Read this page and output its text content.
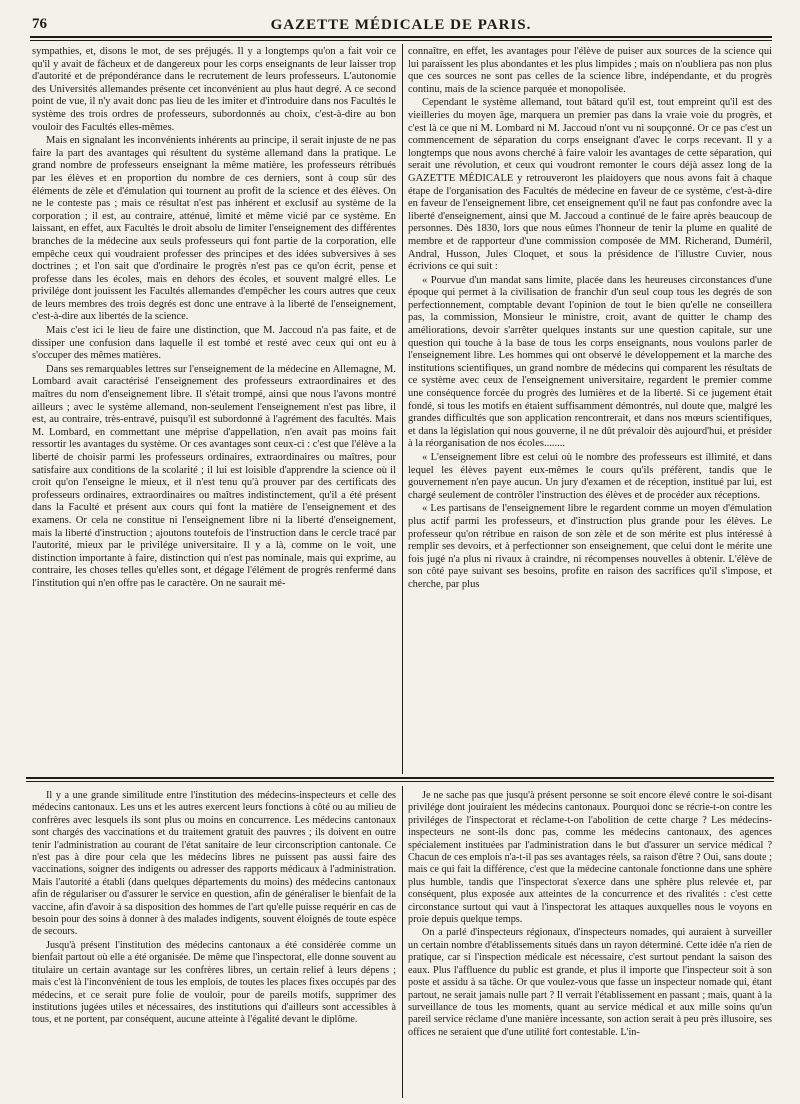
76	GAZETTE MÉDICALE DE PARIS.

sympathies, et, disons le mot, de ses préjugés. Il y a longtemps qu'on a fait voir ce qu'il y avait de fâcheux et de dangereux pour les corps enseignants de leur laisser trop d'autorité et de prépondérance dans le recrutement de leurs professeurs. L'autonomie des Universités allemandes présente cet inconvénient au plus haut degré. A ce second point de vue, il n'y avait donc pas lieu de les imiter et d'introduire dans nos Facultés le système des trois ordres de professeurs, subordonnés au choix, c'est-à-dire au bon vouloir des Facultés elles-mêmes.

Mais en signalant les inconvénients inhérents au principe, il serait injuste de ne pas faire la part des avantages qui résultent du système allemand dans la pratique. Le grand nombre de professeurs enseignant la même matière, les professeurs rétribués par les élèves et en proportion du nombre de ces derniers, sont à coup sûr des éléments de zèle et d'émulation qui tournent au profit de la science et des élèves. On ne le conteste pas ; mais ce résultat n'est pas inhérent et exclusif au système de la corporation ; il est, au contraire, atténué, limité et même vicié par ce système. En laissant, en effet, aux Facultés le droit absolu de limiter l'enseignement des différentes branches de la médecine aux seuls professeurs qui font partie de la corporation, elle empêche ceux qui voudraient professer des principes et des idées subversives à ses doctrines ; et l'on sait que d'ordinaire le progrès n'est pas ce qu'on écrit, pense et professe dans les écoles, mais en dehors des écoles, et souvent malgré elles. Le privilége dont jouissent les Facultés allemandes d'empêcher les cours autres que ceux de leurs membres des trois degrés est donc une entrave à la liberté de l'enseignement, c'est-à-dire aux libertés de la science.

Mais c'est ici le lieu de faire une distinction, que M. Jaccoud n'a pas faite, et de dissiper une confusion dans laquelle il est tombé et resté avec ceux qui ont eu à s'occuper des mêmes matières.

Dans ses remarquables lettres sur l'enseignement de la médecine en Allemagne, M. Lombard avait caractérisé l'enseignement des professeurs extraordinaires et des maîtres du nom d'enseignement libre. Il s'était trompé, ainsi que nous l'avons montré ailleurs ; avec le système allemand, non-seulement l'enseignement n'est pas libre, il est, au contraire, très-entravé, puisqu'il est subordonné à l'agrément des facultés. Mais M. Lombard, en commettant une méprise d'appellation, n'en avait pas moins fait ressortir les avantages du système. Or ces avantages sont ceux-ci : c'est que l'élève a la liberté de choisir parmi les professeurs ordinaires, extraordinaires ou maîtres, pour satisfaire aux conditions de la scolarité ; il lui est loisible d'apprendre la science où il croit qu'on l'enseigne le mieux, et il n'est tenu qu'à prouver par des certificats des professeurs ordinaires, extraordinaires ou maîtres indistinctement, qu'il a été présent dans la Faculté et présent aux cours qui font la matière de l'enseignement et des examens. Or cela ne constitue ni l'enseignement libre ni la liberté d'enseignement, mais la liberté d'instruction ; ajoutons toutefois de l'instruction dans le cercle tracé par l'autorité, mieux par le privilége universitaire. Il y a là, comme on le voit, une distinction importante à faire, distinction qui n'est pas nominale, mais qui exprime, au contraire, les choses telles qu'elles sont, et dégage l'élément de progrès renfermé dans l'institution qui n'en offre pas le caractère. On ne saurait mé-

connaître, en effet, les avantages pour l'élève de puiser aux sources de la science qui lui paraissent les plus abondantes et les plus limpides ; mais on n'oubliera pas non plus que ces sources ne sont pas celles de la science libre, indépendante, et du progrès continu, mais de la science parquée et monopolisée.

Cependant le système allemand, tout bâtard qu'il est, tout empreint qu'il est des vieilleries du moyen âge, marquera un premier pas dans la vraie voie du progrès, et c'est là ce que ni M. Lombard ni M. Jaccoud n'ont vu ni soupçonné. Or ce pas c'est un commencement de séparation du corps enseignant d'avec le corps recevant. Il y a longtemps que nous avons cherché à faire valoir les avantages de cette séparation, qui serait une révolution, et ceux qui voudront remonter le cours déjà assez long de la GAZETTE MÉDICALE y retrouveront les plaidoyers que nous avons fait à chaque étape de l'organisation des Facultés de médecine en faveur de ce système, c'est-à-dire en faveur de l'enseignement libre, cet enseignement qu'il ne faut pas confondre avec la liberté d'enseignement, ainsi que M. Jaccoud a continué de le faire après beaucoup de personnes. Dès 1830, lors que nous eûmes l'honneur de tenir la plume en qualité de membre et de rapporteur d'une commission composée de MM. Richerand, Duméril, Andral, Husson, Jules Cloquet, et sous la présidence de l'illustre Cuvier, nous écrivions ce qui suit :

« Pourvue d'un mandat sans limite, placée dans les heureuses circonstances d'une époque qui permet à la civilisation de franchir d'un seul coup tous les degrés de son perfectionnement, comptable devant l'opinion de tout le bien qu'elle ne conseillera pas, la commission, Monsieur le ministre, croit, avant de quitter le champ des améliorations, devoir s'arrêter quelques instants sur une question capitale, sur une question qui touche à la base de tous les corps enseignants, nous voulons parler de l'enseignement libre. Les hommes qui ont observé le développement et la marche des institutions scientifiques, un grand nombre de médecins qui comparent les résultats de ce système avec ceux de l'enseignement universitaire, regardent le premier comme une conséquence forcée du progrès des lumières et de la liberté. Si ce jugement était fondé, si tous les motifs en étaient suffisamment démontrés, nul doute que, malgré les grandes difficultés que son application rencontrerait, et dans nos mœurs scientifiques, et dans la législation qui nous gouverne, il ne dût prévaloir dès aujourd'hui, et présider à la réorganisation de nos écoles........

« L'enseignement libre est celui où le nombre des professeurs est illimité, et dans lequel les élèves payent eux-mêmes le cours qu'ils préfèrent, tandis que le gouvernement n'en paye aucun. Un jury d'examen et de réception, institué par lui, est chargé seulement de contrôler l'instruction des élèves et de procéder aux réceptions.

« Les partisans de l'enseignement libre le regardent comme un moyen d'émulation plus actif parmi les professeurs, et d'instruction plus grande pour les élèves. Le professeur qu'on rétribue en raison de son zèle et de son mérite est plus intéressé à remplir ses devoirs, et à perfectionner son enseignement, que celui dont le mérite une fois jugé n'a plus ni rivaux à craindre, ni récompenses nouvelles à obtenir. L'élève de son côté paye suivant ses besoins, profite en raison des sacrifices qu'il s'impose, et cherche, par plus

Il y a une grande similitude entre l'institution des médecins-inspecteurs et celle des médecins cantonaux. Les uns et les autres exercent leurs fonctions à côté ou au milieu de confrères avec lesquels ils sont plus ou moins en concurrence. Les médecins cantonaux sont chargés des vaccinations et du traitement gratuit des pauvres ; ils doivent en outre tenir l'administration au courant de l'état sanitaire de leur circonscription cantonale. Ce n'est pas à dire pour cela que les médecins libres ne puissent pas aussi faire des vaccinations, soigner des indigents ou adresser des rapports médicaux à l'administration. Mais l'autorité a établi (dans quelques départements du moins) des médecins cantonaux afin de régulariser ou d'assurer le service en question, afin de généraliser le bienfait de la vaccine, afin d'avoir à sa disposition des hommes de l'art qu'elle puisse requérir en cas de besoin pour des soins à donner à des malades indigents, souvent éloignés de toute espèce de secours.

Jusqu'à présent l'institution des médecins cantonaux a été considérée comme un bienfait partout où elle a été organisée. De même que l'inspectorat, elle donne souvent au titulaire un certain avantage sur les confrères libres, un certain relief à leurs dépens ; mais c'est là l'inconvénient de tous les emplois, de toutes les places fixes occupés par des médecins, et ce serait pure folie de vouloir, pour de pareils motifs, supprimer des institutions jugées utiles et nécessaires, des institutions qui d'ailleurs sont accessibles à tous, et ne portent, par conséquent, aucune atteinte à l'égalité devant le diplôme.

Je ne sache pas que jusqu'à présent personne se soit encore élevé contre le soi-disant privilége dont jouiraient les médecins cantonaux. Pourquoi donc se récrie-t-on contre les priviléges de l'inspectorat et réclame-t-on l'abolition de cette charge ? Les médecins-inspecteurs ne sont-ils donc pas, comme les médecins cantonaux, des agences spécialement instituées par l'administration dans le but d'assurer un service médical ? Chacun de ces emplois n'a-t-il pas ses avantages réels, sa raison d'être ? Oui, sans doute ; mais ce qui fait la différence, c'est que la médecine cantonale fonctionne dans une sphère plus humble, tandis que l'inspectorat s'exerce dans une sphère plus relevée et, par conséquent, plus exposée aux atteintes de la concurrence et des rivalités : c'est cette circonstance surtout qui vaut à l'inspectorat les attaques auxquelles nous le voyons en proie depuis quelque temps.

On a parlé d'inspecteurs régionaux, d'inspecteurs nomades, qui auraient à surveiller un certain nombre d'établissements situés dans un rayon déterminé. Cette idée n'a rien de pratique, car si l'inspection médicale est nécessaire, c'est surtout pendant la saison des eaux. Plus l'affluence du public est grande, et plus il importe que l'inspecteur soit à son poste et assidu à sa tâche. Or que voulez-vous que fasse un inspecteur nomade qui, étant partout, ne serait jamais nulle part ? Il verrait l'établissement en passant ; mais, quant à la surveillance de tous les moments, quant au service médical et aux mille soins qu'un pareil service réclame d'une manière incessante, son action serait à peu près illusoire, ses offices ne seraient que d'une utilité fort contestable. L'in-
